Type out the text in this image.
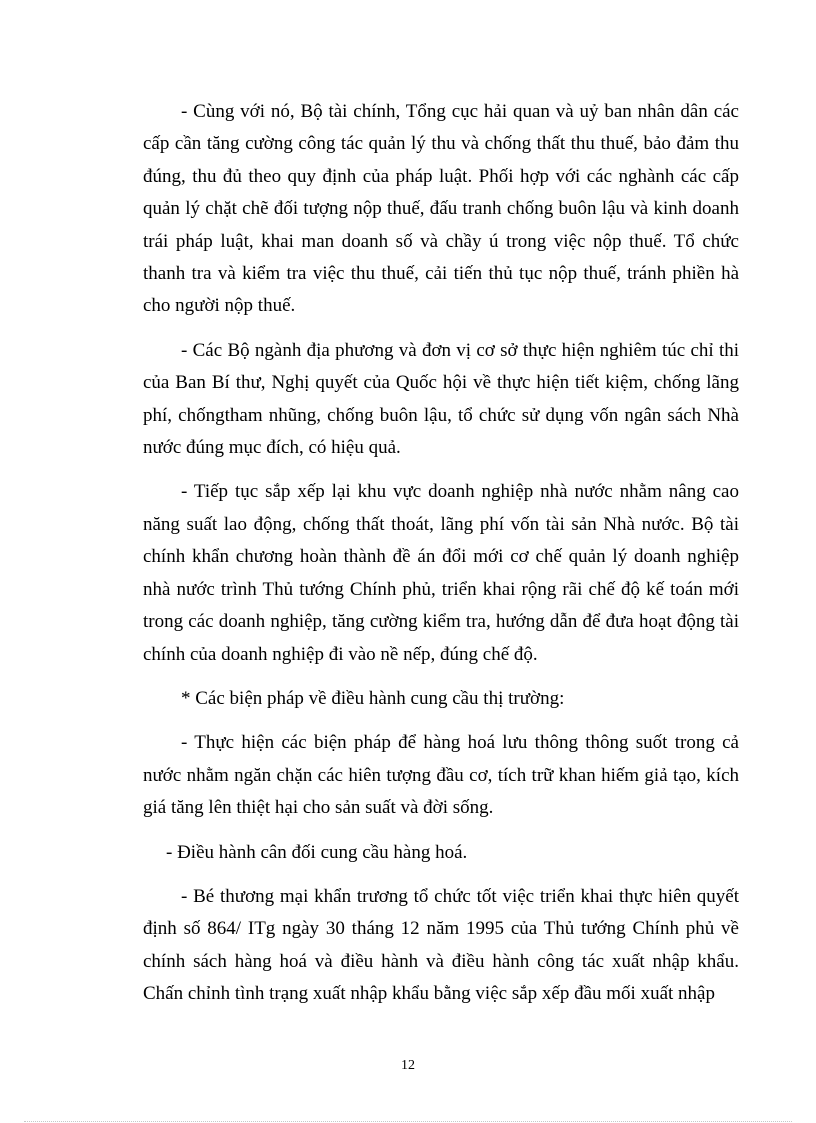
- Cùng với nó, Bộ tài chính, Tổng cục hải quan và uỷ ban nhân dân các cấp cần tăng cường công tác quản lý thu và chống thất thu thuế, bảo đảm thu đúng, thu đủ theo quy định của pháp luật. Phối hợp với các nghành các cấp quản lý chặt chẽ đối tượng nộp thuế, đấu tranh chống buôn lậu và kinh doanh trái pháp luật, khai man doanh số và chầy ú trong việc nộp thuế. Tổ chức thanh tra và kiểm tra việc thu thuế, cải tiến thủ tục nộp thuế, tránh phiền hà cho người nộp thuế.

- Các Bộ ngành địa phương và đơn vị cơ sở thực hiện nghiêm túc chỉ thi của Ban Bí thư, Nghị quyết của Quốc hội về thực hiện tiết kiệm, chống lãng phí, chốngtham nhũng, chống buôn lậu, tổ chức sử dụng vốn ngân sách Nhà nước đúng mục đích, có hiệu quả.

- Tiếp tục sắp xếp lại khu vực doanh nghiệp nhà nước nhằm nâng cao năng suất lao động, chống thất thoát, lãng phí vốn tài sản Nhà nước. Bộ tài chính khẩn chương hoàn thành đề án đổi mới cơ chế quản lý doanh nghiệp nhà nước trình Thủ tướng Chính phủ, triển khai rộng rãi chế độ kế toán mới trong các doanh nghiệp, tăng cường kiểm tra, hướng dẫn để đưa hoạt động tài chính của doanh nghiệp đi vào nề nếp, đúng chế độ.

* Các biện pháp về điều hành cung cầu thị trường:

- Thực hiện các biện pháp để hàng hoá lưu thông thông suốt trong cả nước nhằm ngăn chặn các hiên tượng đầu cơ, tích trữ khan hiếm giả tạo, kích giá tăng lên thiệt hại cho sản suất và đời sống.

- Điều hành cân đối cung cầu hàng hoá.

- Bé thương mại khẩn trương tổ chức tốt việc triển khai thực hiên quyết định số 864/ ITg ngày 30 tháng 12 năm 1995 của Thủ tướng Chính phủ về chính sách hàng hoá và điều hành và điều hành công tác xuất nhập khẩu. Chấn chỉnh tình trạng xuất nhập khẩu bằng việc sắp xếp đầu mối xuất nhập

12
